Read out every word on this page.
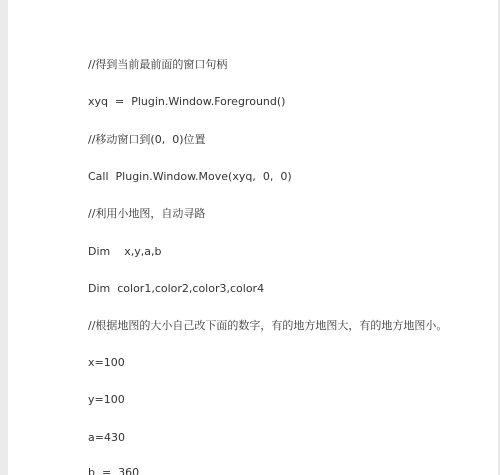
//得到当前最前面的窗口句柄
xyq  =  Plugin.Window.Foreground()
//移动窗口到(0,  0)位置
Call  Plugin.Window.Move(xyq,  0,  0)
//利用小地图，自动寻路
Dim    x,y,a,b
Dim  color1,color2,color3,color4
//根据地图的大小自己改下面的数字，有的地方地图大，有的地方地图小。
x=100
y=100
a=430
b  =  360
